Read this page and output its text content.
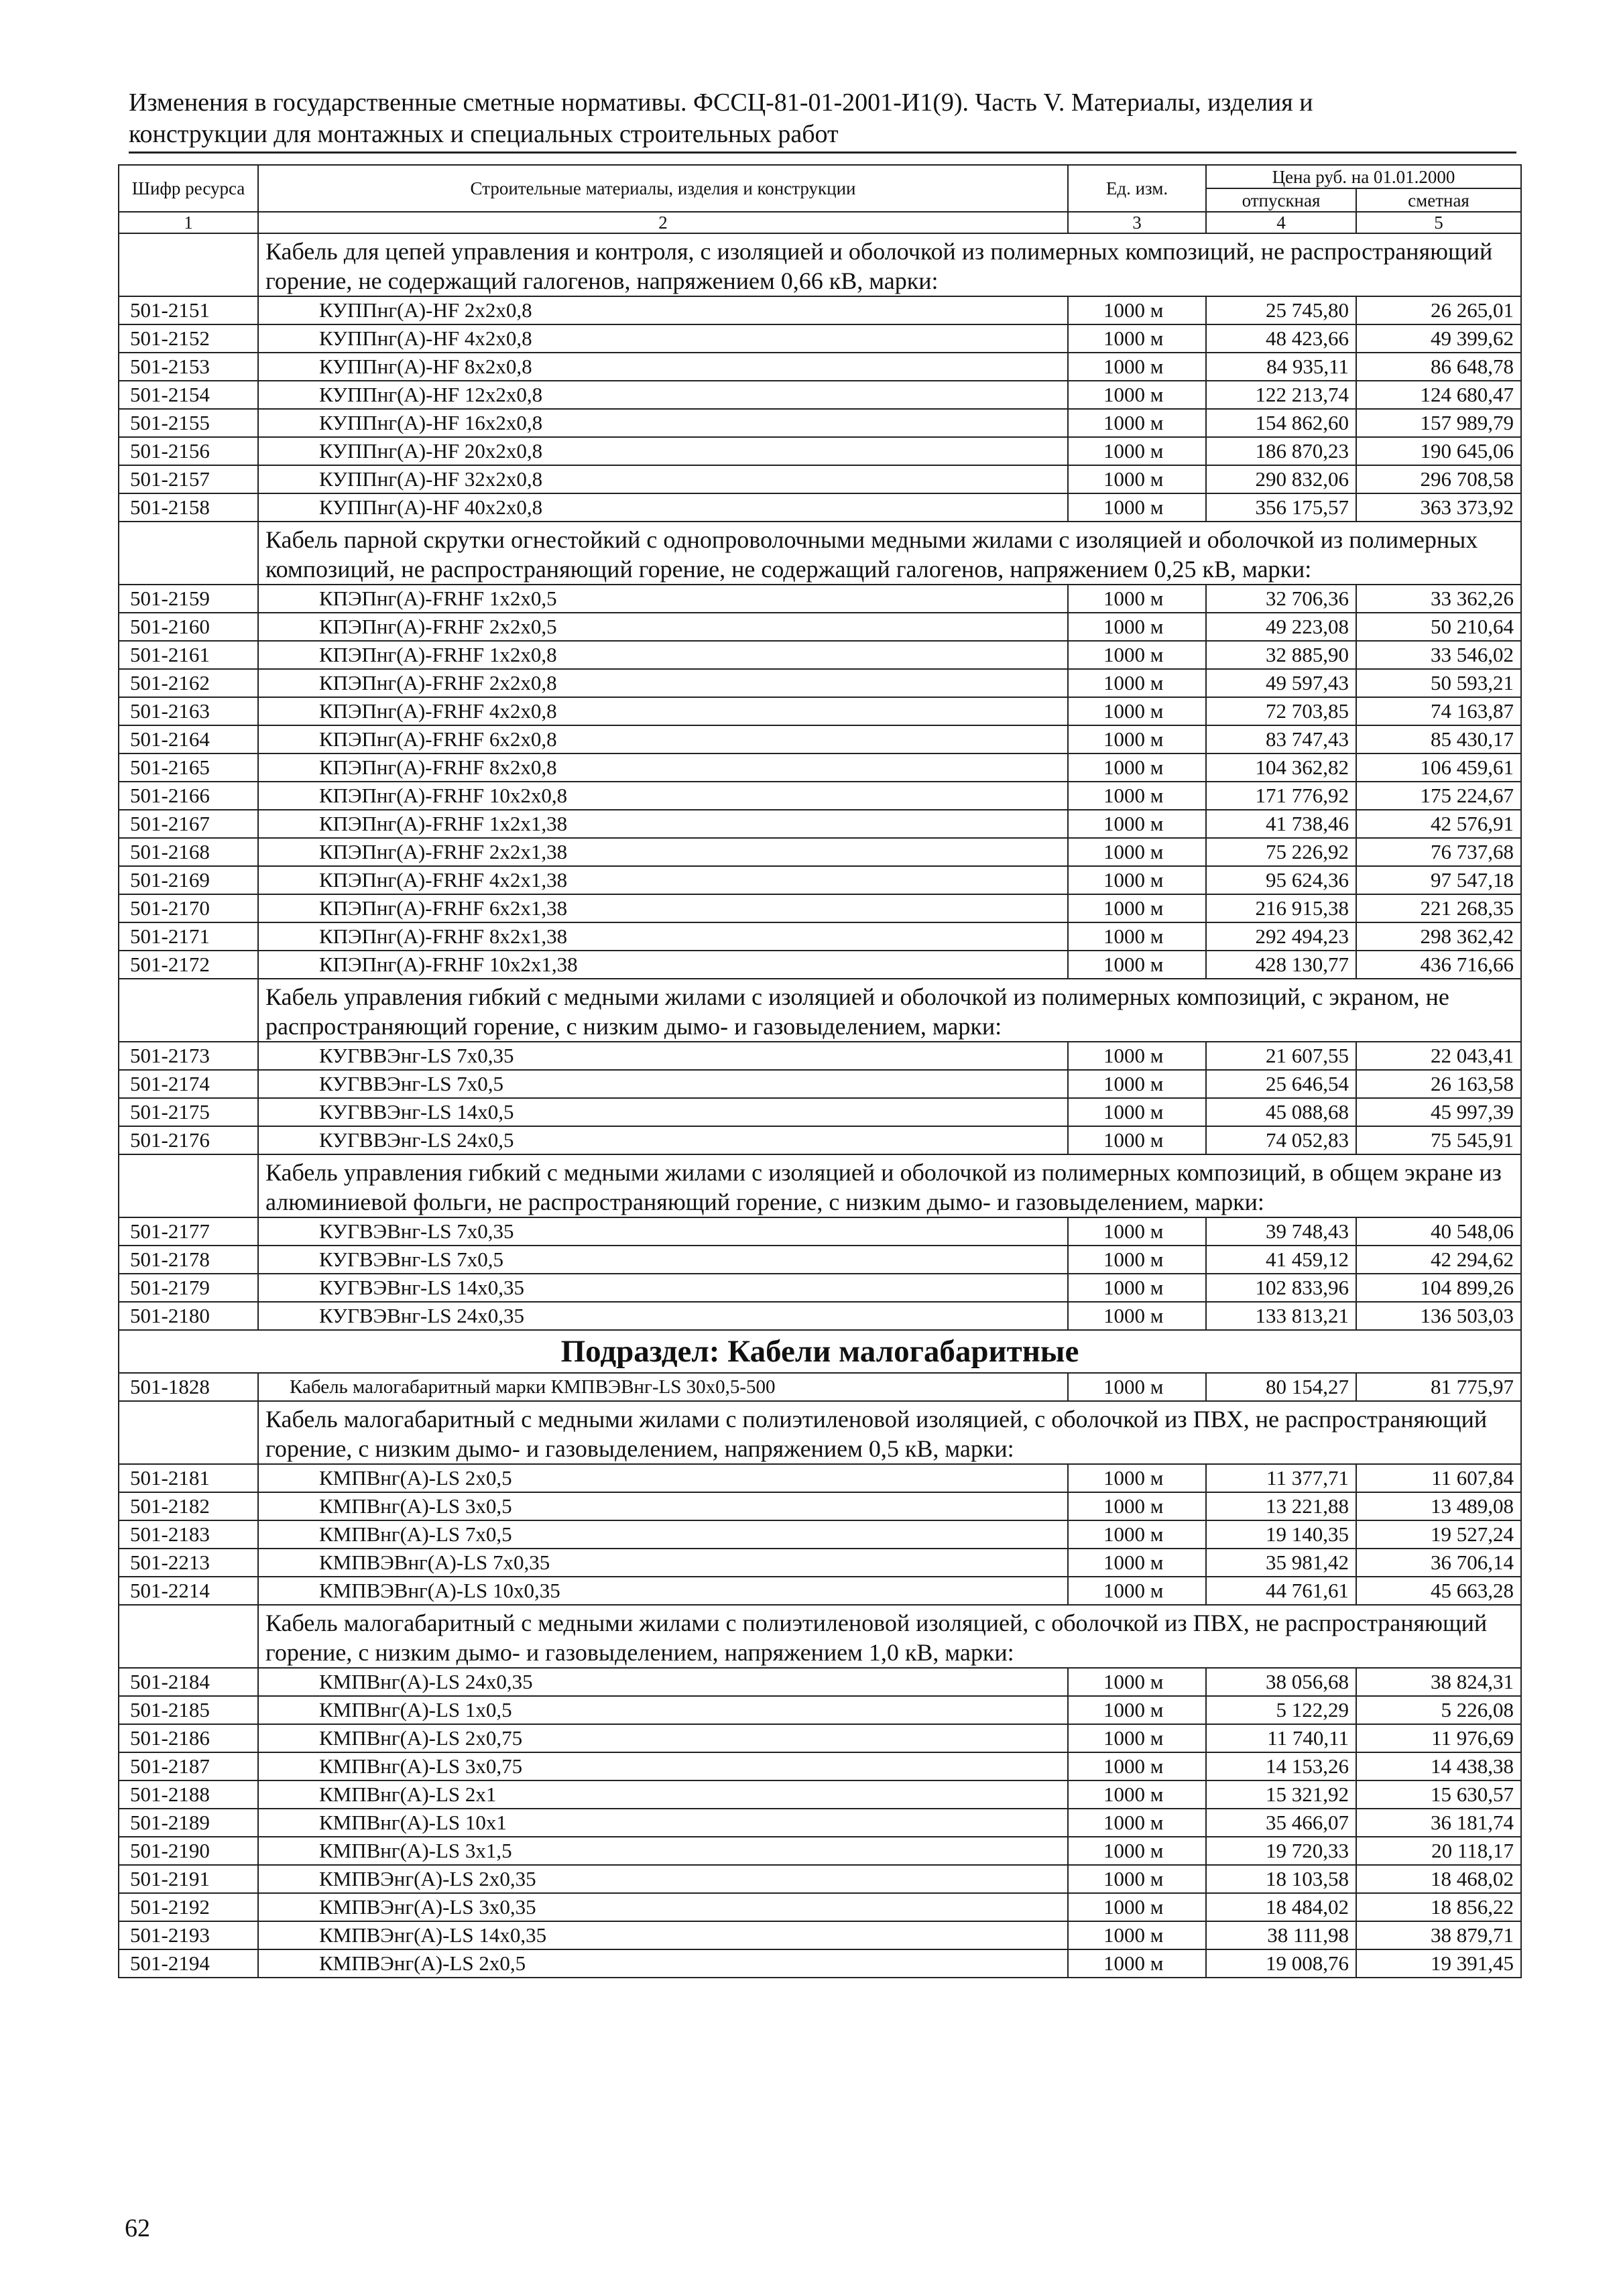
Изменения в государственные сметные нормативы. ФССЦ-81-01-2001-И1(9). Часть V. Материалы, изделия и
конструкции для монтажных и специальных строительных работ
Шифр ресурса	Строительные материалы, изделия и конструкции	Ед. изм.	Цена руб. на 01.01.2000	
			отпускная	сметная
1	2	3	4	5
	Кабель для цепей управления и контроля, с изоляцией и оболочкой из полимерных композиций, не распространяющий горение, не содержащий галогенов, напряжением 0,66 кВ, марки:			
501-2151	КУППнг(А)-HF 2х2х0,8	1000 м	25 745,80	26 265,01
501-2152	КУППнг(А)-HF 4х2х0,8	1000 м	48 423,66	49 399,62
501-2153	КУППнг(А)-HF 8х2х0,8	1000 м	84 935,11	86 648,78
501-2154	КУППнг(А)-HF 12х2х0,8	1000 м	122 213,74	124 680,47
501-2155	КУППнг(А)-HF 16х2х0,8	1000 м	154 862,60	157 989,79
501-2156	КУППнг(А)-HF 20х2х0,8	1000 м	186 870,23	190 645,06
501-2157	КУППнг(А)-HF 32х2х0,8	1000 м	290 832,06	296 708,58
501-2158	КУППнг(А)-HF 40х2х0,8	1000 м	356 175,57	363 373,92
	Кабель парной скрутки огнестойкий с однопроволочными медными жилами с изоляцией и оболочкой из полимерных композиций, не распространяющий горение, не содержащий галогенов, напряжением 0,25 кВ, марки:			
501-2159	КПЭПнг(А)-FRHF 1х2х0,5	1000 м	32 706,36	33 362,26
501-2160	КПЭПнг(А)-FRHF 2х2х0,5	1000 м	49 223,08	50 210,64
501-2161	КПЭПнг(А)-FRHF 1х2х0,8	1000 м	32 885,90	33 546,02
501-2162	КПЭПнг(А)-FRHF 2х2х0,8	1000 м	49 597,43	50 593,21
501-2163	КПЭПнг(А)-FRHF 4х2х0,8	1000 м	72 703,85	74 163,87
501-2164	КПЭПнг(А)-FRHF 6х2х0,8	1000 м	83 747,43	85 430,17
501-2165	КПЭПнг(А)-FRHF 8х2х0,8	1000 м	104 362,82	106 459,61
501-2166	КПЭПнг(А)-FRHF 10х2х0,8	1000 м	171 776,92	175 224,67
501-2167	КПЭПнг(А)-FRHF 1х2х1,38	1000 м	41 738,46	42 576,91
501-2168	КПЭПнг(А)-FRHF 2х2х1,38	1000 м	75 226,92	76 737,68
501-2169	КПЭПнг(А)-FRHF 4х2х1,38	1000 м	95 624,36	97 547,18
501-2170	КПЭПнг(А)-FRHF 6х2х1,38	1000 м	216 915,38	221 268,35
501-2171	КПЭПнг(А)-FRHF 8х2х1,38	1000 м	292 494,23	298 362,42
501-2172	КПЭПнг(А)-FRHF 10х2х1,38	1000 м	428 130,77	436 716,66
	Кабель управления гибкий с медными жилами с изоляцией и оболочкой из полимерных композиций, с экраном, не распространяющий горение, с низким дымо- и газовыделением, марки:			
501-2173	КУГВВЭнг-LS 7х0,35	1000 м	21 607,55	22 043,41
501-2174	КУГВВЭнг-LS 7х0,5	1000 м	25 646,54	26 163,58
501-2175	КУГВВЭнг-LS 14х0,5	1000 м	45 088,68	45 997,39
501-2176	КУГВВЭнг-LS 24х0,5	1000 м	74 052,83	75 545,91
	Кабель управления гибкий с медными жилами с изоляцией и оболочкой из полимерных композиций, в общем экране из алюминиевой фольги, не распространяющий горение, с низким дымо- и газовыделением, марки:			
501-2177	КУГВЭВнг-LS 7х0,35	1000 м	39 748,43	40 548,06
501-2178	КУГВЭВнг-LS 7х0,5	1000 м	41 459,12	42 294,62
501-2179	КУГВЭВнг-LS 14х0,35	1000 м	102 833,96	104 899,26
501-2180	КУГВЭВнг-LS 24х0,35	1000 м	133 813,21	136 503,03
Подраздел: Кабели малогабаритные				
501-1828	Кабель малогабаритный марки КМПВЭВнг-LS 30х0,5-500	1000 м	80 154,27	81 775,97
	Кабель малогабаритный с медными жилами с полиэтиленовой изоляцией, с оболочкой из ПВХ, не распространяющий горение, с низким дымо- и газовыделением, напряжением 0,5 кВ, марки:			
501-2181	КМПВнг(А)-LS 2х0,5	1000 м	11 377,71	11 607,84
501-2182	КМПВнг(А)-LS 3х0,5	1000 м	13 221,88	13 489,08
501-2183	КМПВнг(А)-LS 7х0,5	1000 м	19 140,35	19 527,24
501-2213	КМПВЭВнг(А)-LS 7х0,35	1000 м	35 981,42	36 706,14
501-2214	КМПВЭВнг(А)-LS 10х0,35	1000 м	44 761,61	45 663,28
	Кабель малогабаритный с медными жилами с полиэтиленовой изоляцией, с оболочкой из ПВХ, не распространяющий горение, с низким дымо- и газовыделением, напряжением 1,0 кВ, марки:			
501-2184	КМПВнг(А)-LS 24х0,35	1000 м	38 056,68	38 824,31
501-2185	КМПВнг(А)-LS 1х0,5	1000 м	5 122,29	5 226,08
501-2186	КМПВнг(А)-LS 2х0,75	1000 м	11 740,11	11 976,69
501-2187	КМПВнг(А)-LS 3х0,75	1000 м	14 153,26	14 438,38
501-2188	КМПВнг(А)-LS 2х1	1000 м	15 321,92	15 630,57
501-2189	КМПВнг(А)-LS 10х1	1000 м	35 466,07	36 181,74
501-2190	КМПВнг(А)-LS 3х1,5	1000 м	19 720,33	20 118,17
501-2191	КМПВЭнг(А)-LS 2х0,35	1000 м	18 103,58	18 468,02
501-2192	КМПВЭнг(А)-LS 3х0,35	1000 м	18 484,02	18 856,22
501-2193	КМПВЭнг(А)-LS 14х0,35	1000 м	38 111,98	38 879,71
501-2194	КМПВЭнг(А)-LS 2х0,5	1000 м	19 008,76	19 391,45
62
